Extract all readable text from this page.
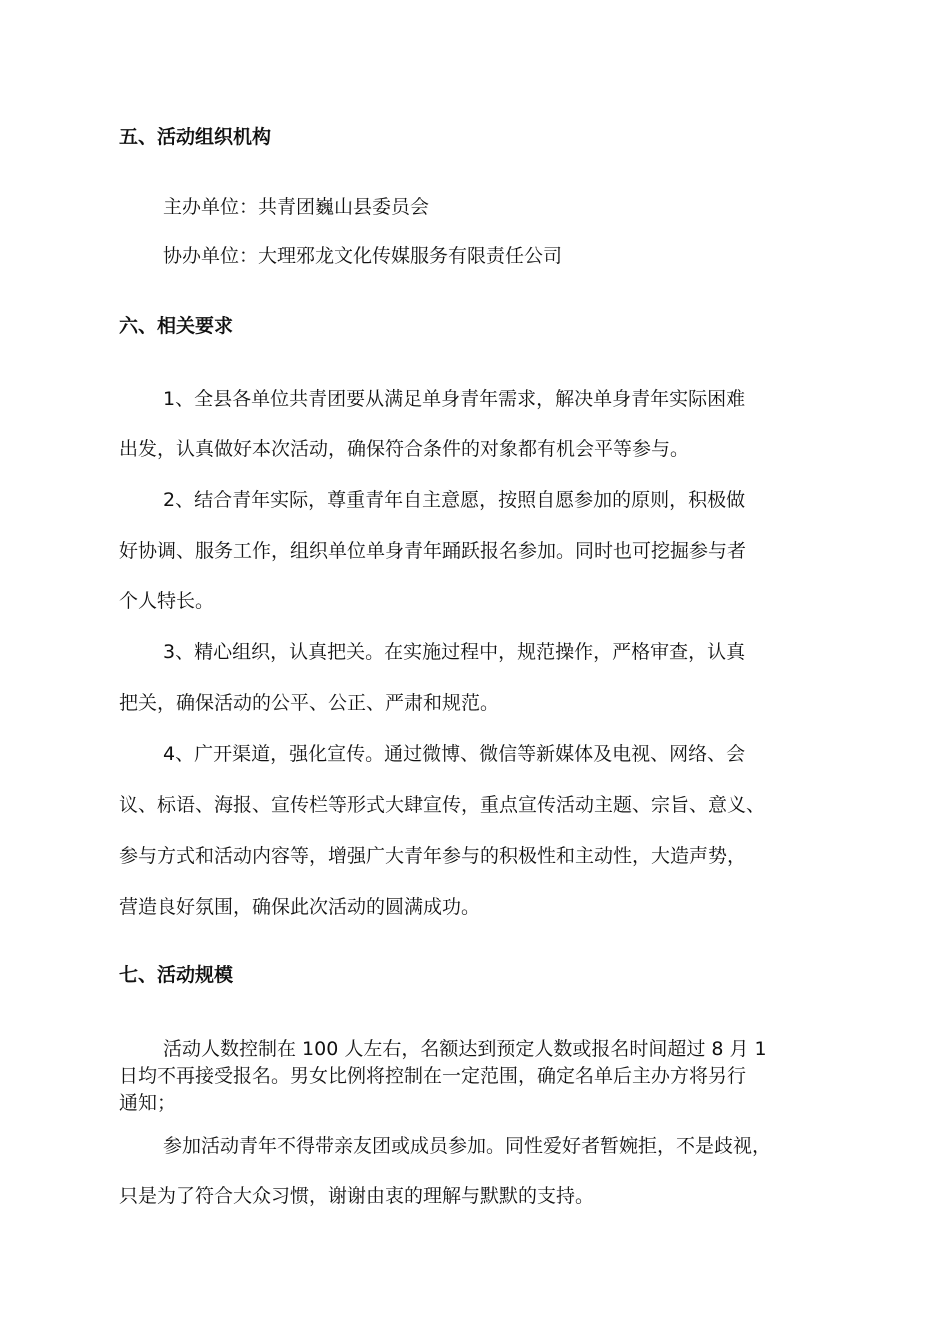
五、活动组织机构

主办单位：共青团巍山县委员会

协办单位：大理邪龙文化传媒服务有限责任公司

六、相关要求

1、全县各单位共青团要从满足单身青年需求，解决单身青年实际困难

出发，认真做好本次活动，确保符合条件的对象都有机会平等参与。

2、结合青年实际，尊重青年自主意愿，按照自愿参加的原则，积极做

好协调、服务工作，组织单位单身青年踊跃报名参加。同时也可挖掘参与者

个人特长。

3、精心组织，认真把关。在实施过程中，规范操作，严格审查，认真

把关，确保活动的公平、公正、严肃和规范。

4、广开渠道，强化宣传。通过微博、微信等新媒体及电视、网络、会

议、标语、海报、宣传栏等形式大肆宣传，重点宣传活动主题、宗旨、意义、

参与方式和活动内容等，增强广大青年参与的积极性和主动性，大造声势，

营造良好氛围，确保此次活动的圆满成功。

七、活动规模

活动人数控制在 100 人左右，名额达到预定人数或报名时间超过 8 月 1

日均不再接受报名。男女比例将控制在一定范围，确定名单后主办方将另行

通知；

参加活动青年不得带亲友团或成员参加。同性爱好者暂婉拒，不是歧视，

只是为了符合大众习惯，谢谢由衷的理解与默默的支持。
